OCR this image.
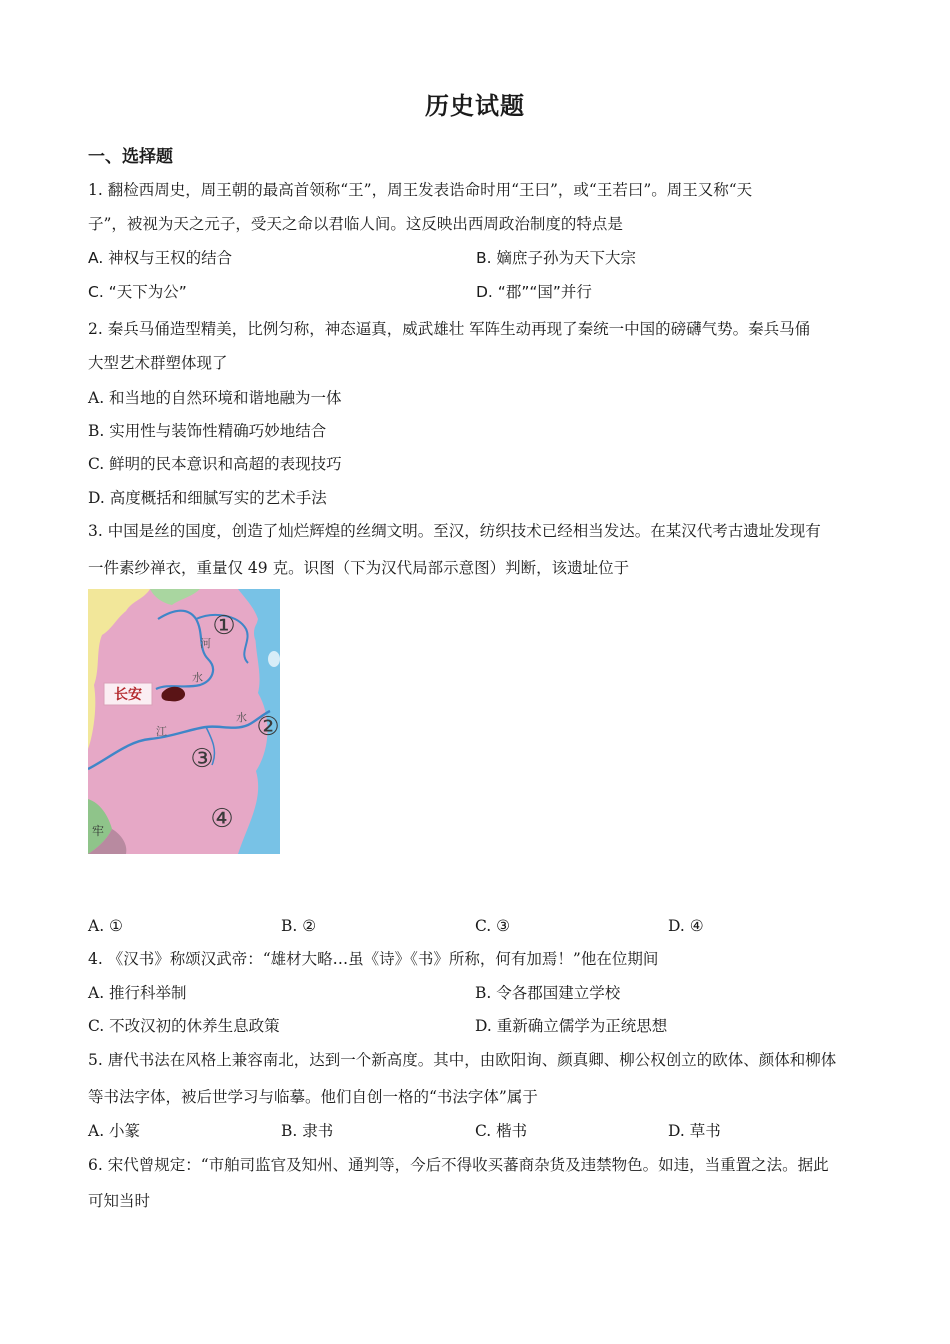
历史试题
一、选择题
1. 翻检西周史，周王朝的最高首领称“王”，周王发表诰命时用“王曰”，或“王若曰”。周王又称“天
子”，被视为天之元子，受天之命以君临人间。这反映出西周政治制度的特点是
A. 神权与王权的结合	B. 嫡庶子孙为天下大宗
C. “天下为公”	D. “郡”“国”并行
2. 秦兵马俑造型精美，比例匀称，神态逼真，威武雄壮 军阵生动再现了秦统一中国的磅礴气势。秦兵马俑
大型艺术群塑体现了
A. 和当地的自然环境和谐地融为一体
B. 实用性与装饰性精确巧妙地结合
C. 鲜明的民本意识和高超的表现技巧
D. 高度概括和细腻写实的艺术手法
3. 中国是丝的国度，创造了灿烂辉煌的丝绸文明。至汉，纺织技术已经相当发达。在某汉代考古遗址发现有
一件素纱禅衣，重量仅 49 克。识图（下为汉代局部示意图）判断，该遗址位于
长安
河
水
江
水
①
②
③
④
牢
A. ①	B. ②	C. ③	D. ④
4. 《汉书》称颂汉武帝：“雄材大略…虽《诗》《书》所称，何有加焉！”他在位期间
A. 推行科举制	B. 令各郡国建立学校
C. 不改汉初的休养生息政策	D. 重新确立儒学为正统思想
5. 唐代书法在风格上兼容南北，达到一个新高度。其中，由欧阳询、颜真卿、柳公权创立的欧体、颜体和柳体
等书法字体，被后世学习与临摹。他们自创一格的“书法字体”属于
A. 小篆	B. 隶书	C. 楷书	D. 草书
6. 宋代曾规定：“市舶司监官及知州、通判等，今后不得收买蕃商杂货及违禁物色。如违，当重置之法。据此
可知当时
